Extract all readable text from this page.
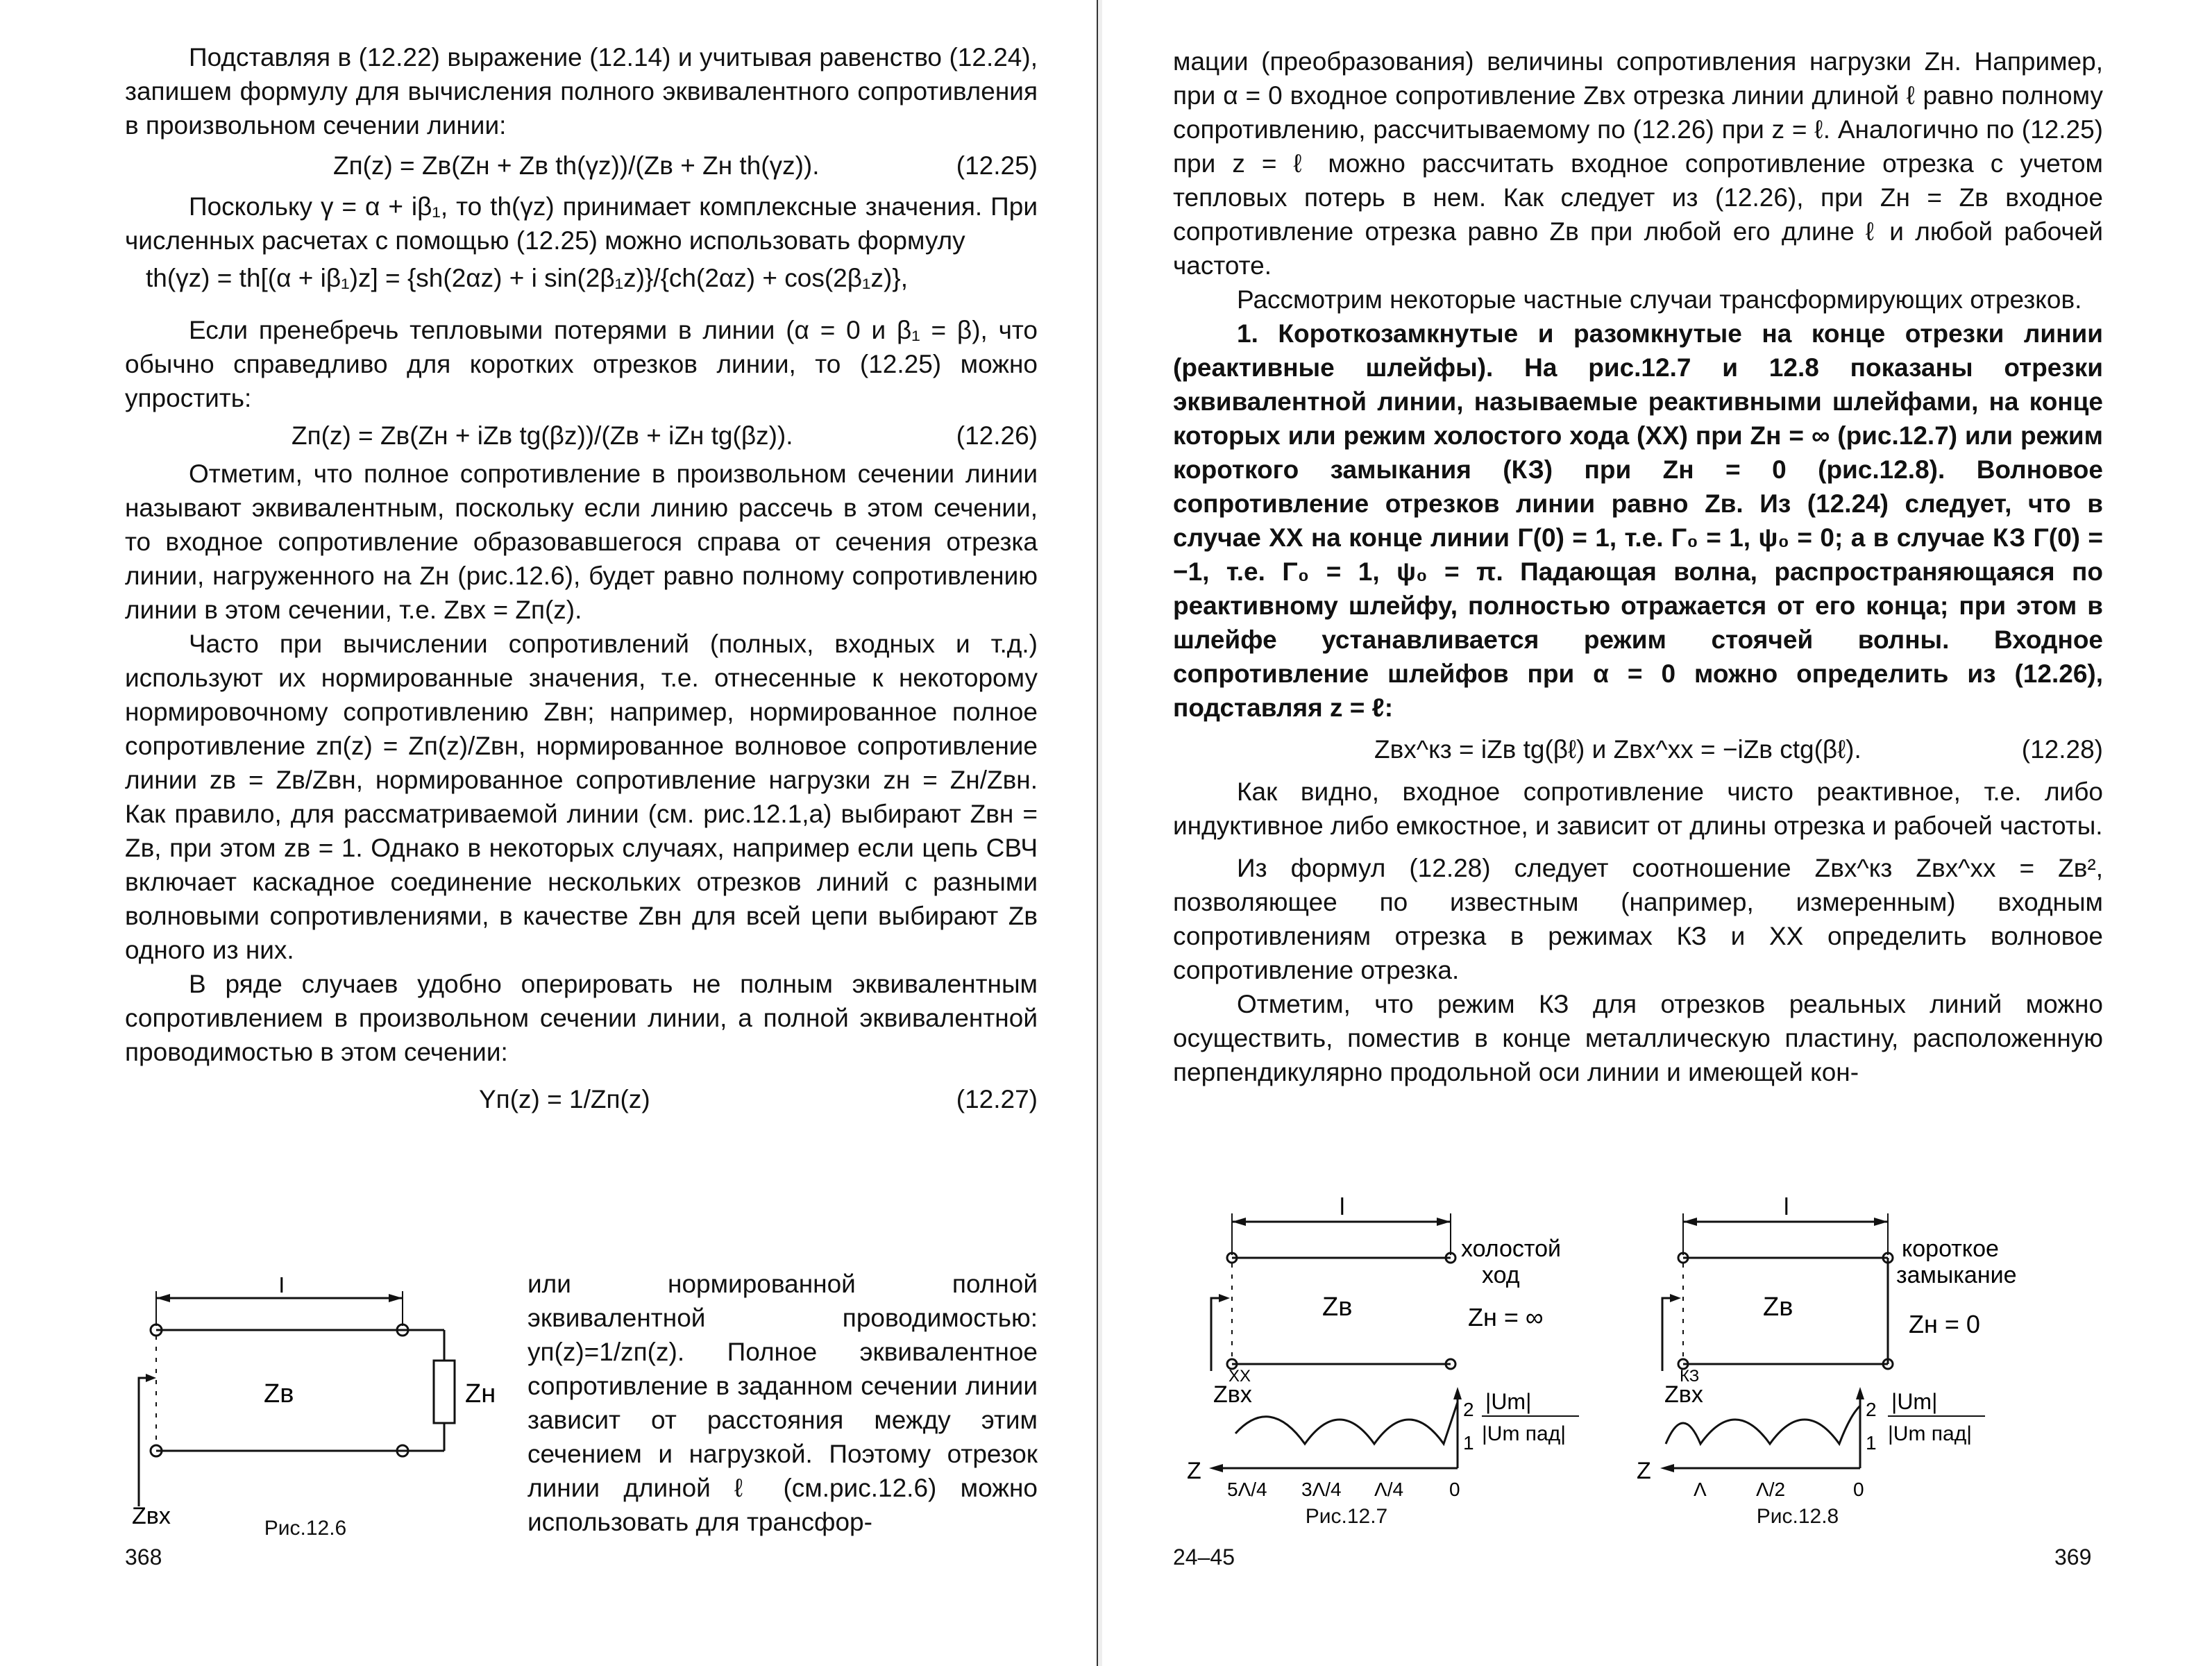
Подставляя в (12.22) выражение (12.14) и учитывая равенство (12.24), запишем формулу для вычисления полного эквивалентного сопротивления в произвольном сечении линии:

Zп(z) = Zв(Zн + Zв th(γz))/(Zв + Zн th(γz)).	(12.25)

Поскольку γ = α + iβ₁, то th(γz) принимает комплексные значения. При численных расчетах с помощью (12.25) можно использовать формулу

th(γz) = th[(α + iβ₁)z] = {sh(2αz) + i sin(2β₁z)}/{ch(2αz) + cos(2β₁z)},

Если пренебречь тепловыми потерями в линии (α = 0 и β₁ = β), что обычно справедливо для коротких отрезков линии, то (12.25) можно упростить:

Zп(z) = Zв(Zн + iZв tg(βz))/(Zв + iZн tg(βz)).	(12.26)

Отметим, что полное сопротивление в произвольном сечении линии называют эквивалентным, поскольку если линию рассечь в этом сечении, то входное сопротивление образовавшегося справа от сечения отрезка линии, нагруженного на Zн (рис.12.6), будет равно полному сопротивлению линии в этом сечении, т.е. Zвх = Zп(z).

Часто при вычислении сопротивлений (полных, входных и т.д.) используют их нормированные значения, т.е. отнесенные к некоторому нормировочному сопротивлению Zвн; например, нормированное полное сопротивление zп(z) = Zп(z)/Zвн, нормированное волновое сопротивление линии zв = Zв/Zвн, нормированное сопротивление нагрузки zн = Zн/Zвн. Как правило, для рассматриваемой линии (см. рис.12.1,а) выбирают Zвн = Zв, при этом zв = 1. Однако в некоторых случаях, например если цепь СВЧ включает каскадное соединение нескольких отрезков линий с разными волновыми сопротивлениями, в качестве Zвн для всей цепи выбирают Zв одного из них.

В ряде случаев удобно оперировать не полным эквивалентным сопротивлением в произвольном сечении линии, а полной эквивалентной проводимостью в этом сечении:

Yп(z) = 1/Zп(z)	(12.27)
l
Zв	Zн
Zвх	Рис.12.6
или нормированной полной эквивалентной проводимостью: yп(z)=1/zп(z). Полное эквивалентное сопротивление в заданном сечении линии зависит от расстояния между этим сечением и нагрузкой. Поэтому отрезок линии длиной ℓ (см.рис.12.6) можно использовать для трансфор-
368

мации (преобразования) величины сопротивления нагрузки Zн. Например, при α = 0 входное сопротивление Zвх отрезка линии длиной ℓ равно полному сопротивлению, рассчитываемому по (12.26) при z = ℓ. Аналогично по (12.25) при z = ℓ можно рассчитать входное сопротивление отрезка с учетом тепловых потерь в нем. Как следует из (12.26), при Zн = Zв входное сопротивление отрезка равно Zв при любой его длине ℓ и любой рабочей частоте.

Рассмотрим некоторые частные случаи трансформирующих отрезков.

1. Короткозамкнутые и разомкнутые на конце отрезки линии (реактивные шлейфы). На рис.12.7 и 12.8 показаны отрезки эквивалентной линии, называемые реактивными шлейфами, на конце которых или режим холостого хода (ХХ) при Zн = ∞ (рис.12.7) или режим короткого замыкания (КЗ) при Zн = 0 (рис.12.8). Волновое сопротивление отрезков линии равно Zв. Из (12.24) следует, что в случае ХХ на конце линии Γ(0) = 1, т.е. Γ₀ = 1, ψ₀ = 0; а в случае КЗ Γ(0) = −1, т.е. Γ₀ = 1, ψ₀ = π. Падающая волна, распространяющаяся по реактивному шлейфу, полностью отражается от его конца; при этом в шлейфе устанавливается режим стоячей волны. Входное сопротивление шлейфов при α = 0 можно определить из (12.26), подставляя z = ℓ:

Zвх^кз = iZв tg(βℓ) и Zвх^хх = −iZв ctg(βℓ).	(12.28)

Как видно, входное сопротивление чисто реактивное, т.е. либо индуктивное либо емкостное, и зависит от длины отрезка и рабочей частоты.

Из формул (12.28) следует соотношение Zвх^кз Zвх^хх = Zв², позволяющее по известным (например, измеренным) входным сопротивлениям отрезка в режимах КЗ и ХХ определить волновое сопротивление отрезка.

Отметим, что режим КЗ для отрезков реальных линий можно осуществить, поместив в конце металлическую пластину, расположенную перпендикулярно продольной оси линии и имеющей кон-

l
Zв
холостой
ход
Zн = ∞
Zвх
ХХ
Z
5Λ/4 3Λ/4 Λ/4 0
2
1
|Um|
|Um пад|
Рис.12.7
l
Zв
короткое
замыкание
Zн = 0
Zвх
КЗ
Z
Λ	Λ/2	0
2
1
|Um|
|Um пад|
Рис.12.8
24–45	369
